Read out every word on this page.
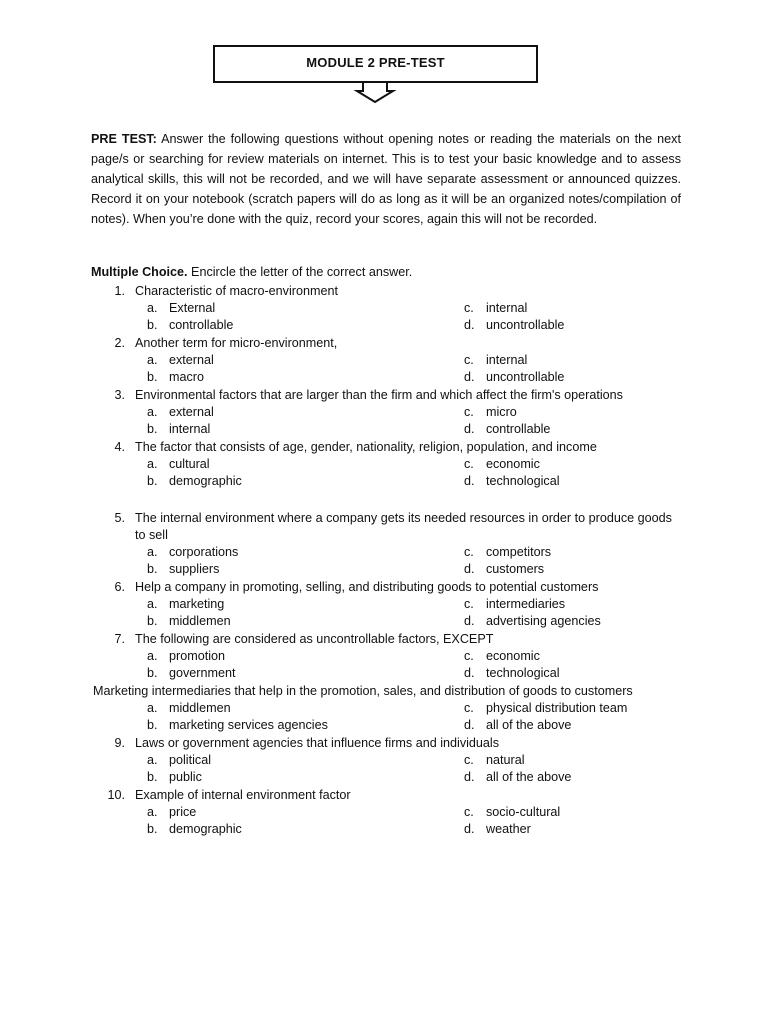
MODULE 2 PRE-TEST

PRE TEST: Answer the following questions without opening notes or reading the materials on the next page/s or searching for review materials on internet. This is to test your basic knowledge and to assess analytical skills, this will not be recorded, and we will have separate assessment or announced quizzes. Record it on your notebook (scratch papers will do as long as it will be an organized notes/compilation of notes). When you’re done with the quiz, record your scores, again this will not be recorded.

Multiple Choice. Encircle the letter of the correct answer.

1. Characteristic of macro-environment
a. External
b. controllable
c. internal
d. uncontrollable
2. Another term for micro-environment,
a. external
b. macro
c. internal
d. uncontrollable
3. Environmental factors that are larger than the firm and which affect the firm's operations
a. external
b. internal
c. micro
d. controllable
4. The factor that consists of age, gender, nationality, religion, population, and income
a. cultural
b. demographic
c. economic
d. technological
5. The internal environment where a company gets its needed resources in order to produce goods to sell
a. corporations
b. suppliers
c. competitors
d. customers
6. Help a company in promoting, selling, and distributing goods to potential customers
a. marketing
b. middlemen
c. intermediaries
d. advertising agencies
7. The following are considered as uncontrollable factors, EXCEPT
a. promotion
b. government
c. economic
d. technological
Marketing intermediaries that help in the promotion, sales, and distribution of goods to customers
a. middlemen
b. marketing services agencies
c. physical distribution team
d. all of the above
9. Laws or government agencies that influence firms and individuals
a. political
b. public
c. natural
d. all of the above
10. Example of internal environment factor
a. price
b. demographic
c. socio-cultural
d. weather
